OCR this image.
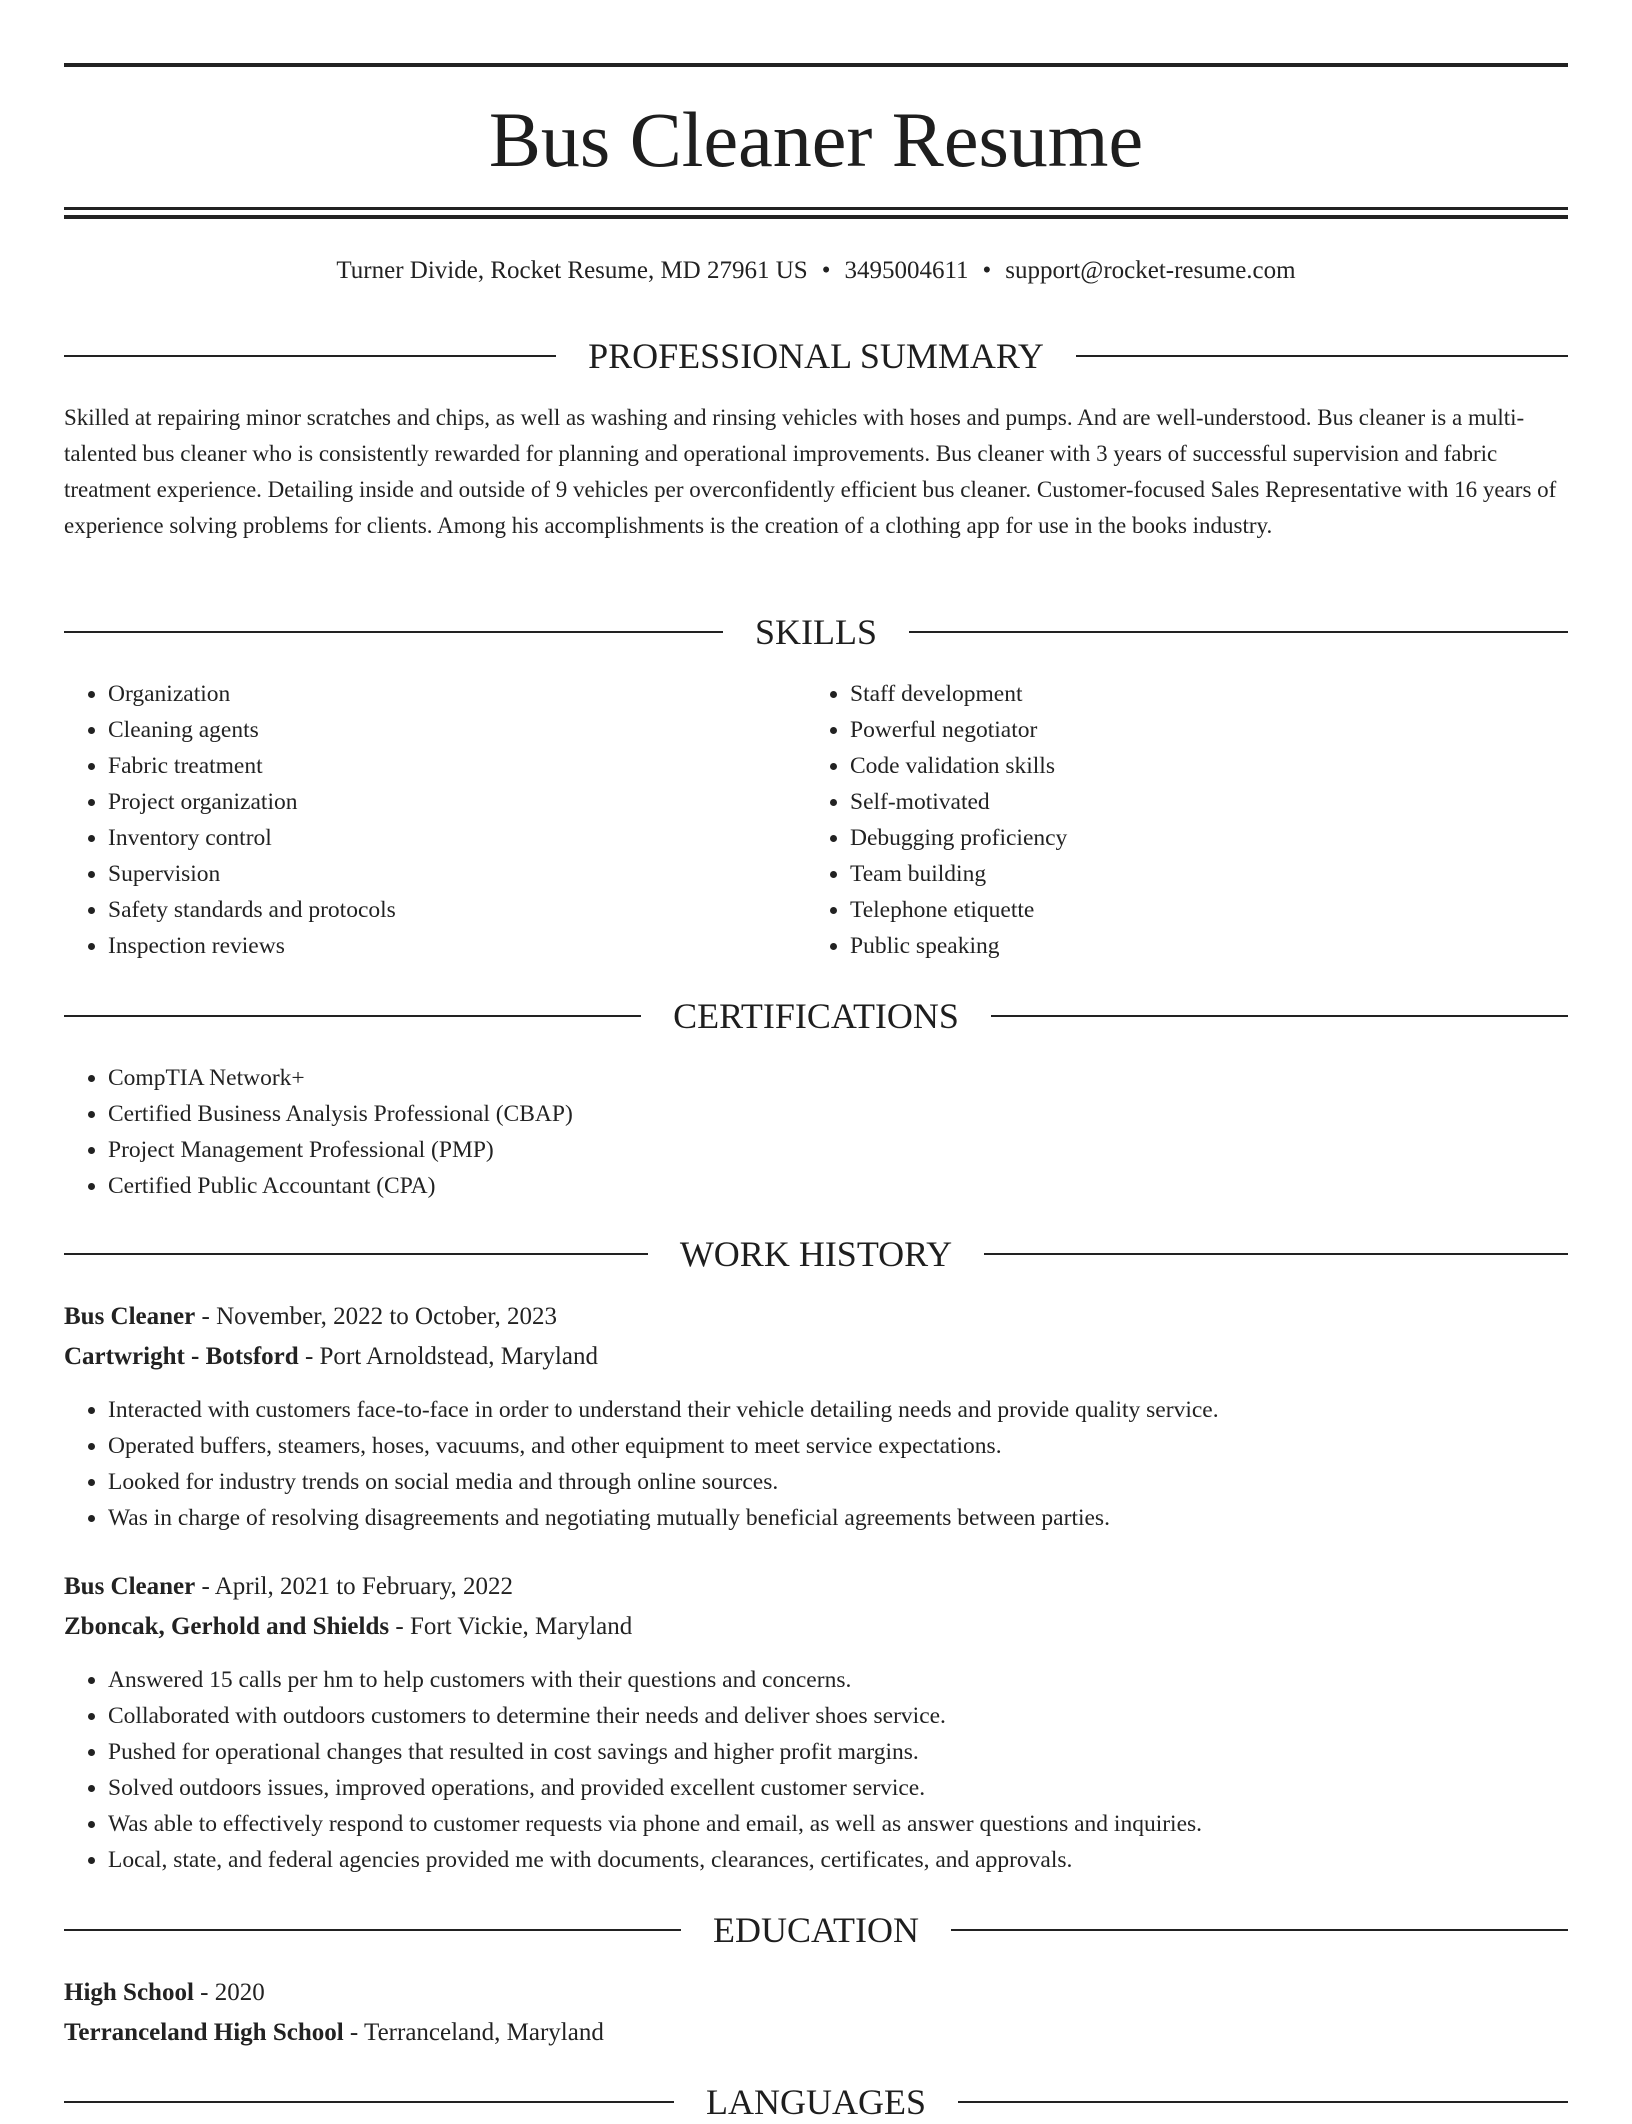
Bus Cleaner Resume
Turner Divide, Rocket Resume, MD 27961 US • 3495004611 • support@rocket-resume.com
PROFESSIONAL SUMMARY

Skilled at repairing minor scratches and chips, as well as washing and rinsing vehicles with hoses and pumps. And are well-understood. Bus cleaner is a multi-talented bus cleaner who is consistently rewarded for planning and operational improvements. Bus cleaner with 3 years of successful supervision and fabric treatment experience. Detailing inside and outside of 9 vehicles per overconfidently efficient bus cleaner. Customer-focused Sales Representative with 16 years of experience solving problems for clients. Among his accomplishments is the creation of a clothing app for use in the books industry.

SKILLS
• Organization
• Cleaning agents
• Fabric treatment
• Project organization
• Inventory control
• Supervision
• Safety standards and protocols
• Inspection reviews
• Staff development
• Powerful negotiator
• Code validation skills
• Self-motivated
• Debugging proficiency
• Team building
• Telephone etiquette
• Public speaking
CERTIFICATIONS
• CompTIA Network+
• Certified Business Analysis Professional (CBAP)
• Project Management Professional (PMP)
• Certified Public Accountant (CPA)
WORK HISTORY
Bus Cleaner - November, 2022 to October, 2023
Cartwright - Botsford - Port Arnoldstead, Maryland
• Interacted with customers face-to-face in order to understand their vehicle detailing needs and provide quality service.
• Operated buffers, steamers, hoses, vacuums, and other equipment to meet service expectations.
• Looked for industry trends on social media and through online sources.
• Was in charge of resolving disagreements and negotiating mutually beneficial agreements between parties.
Bus Cleaner - April, 2021 to February, 2022
Zboncak, Gerhold and Shields - Fort Vickie, Maryland
• Answered 15 calls per hm to help customers with their questions and concerns.
• Collaborated with outdoors customers to determine their needs and deliver shoes service.
• Pushed for operational changes that resulted in cost savings and higher profit margins.
• Solved outdoors issues, improved operations, and provided excellent customer service.
• Was able to effectively respond to customer requests via phone and email, as well as answer questions and inquiries.
• Local, state, and federal agencies provided me with documents, clearances, certificates, and approvals.
EDUCATION
High School - 2020
Terranceland High School - Terranceland, Maryland
LANGUAGES
